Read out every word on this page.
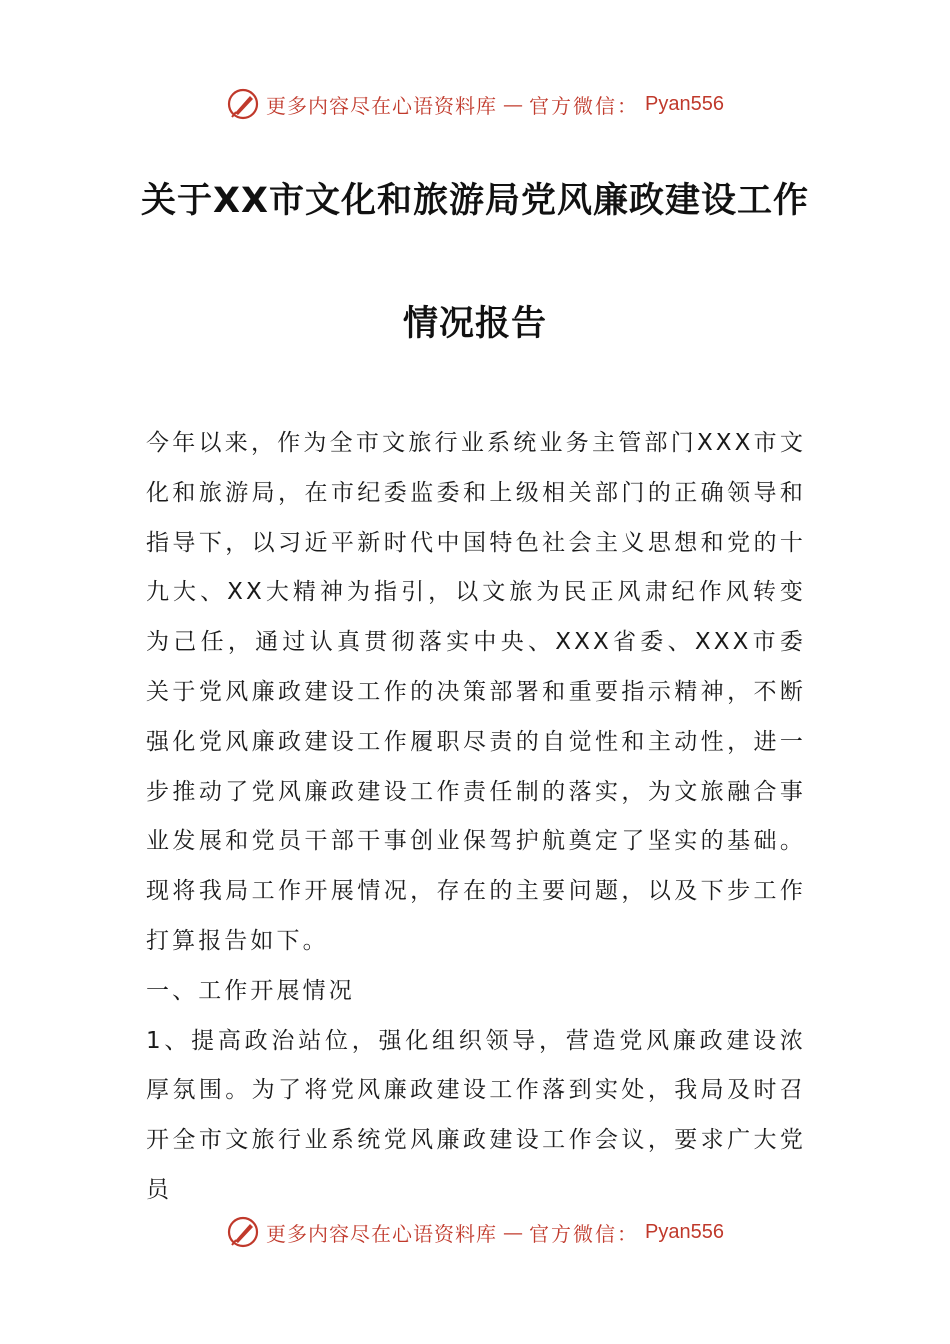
更多内容尽在心语资料库 — 官方微信： Pyan556
关于XX市文化和旅游局党风廉政建设工作
情况报告

今年以来，作为全市文旅行业系统业务主管部门XXX市文化和旅游局，在市纪委监委和上级相关部门的正确领导和指导下，以习近平新时代中国特色社会主义思想和党的十九大、XX大精神为指引，以文旅为民正风肃纪作风转变为己任，通过认真贯彻落实中央、XXX省委、XXX市委关于党风廉政建设工作的决策部署和重要指示精神，不断强化党风廉政建设工作履职尽责的自觉性和主动性，进一步推动了党风廉政建设工作责任制的落实，为文旅融合事业发展和党员干部干事创业保驾护航奠定了坚实的基础。现将我局工作开展情况，存在的主要问题，以及下步工作打算报告如下。

一、工作开展情况

1、提高政治站位，强化组织领导，营造党风廉政建设浓厚氛围。为了将党风廉政建设工作落到实处，我局及时召开全市文旅行业系统党风廉政建设工作会议，要求广大党员

更多内容尽在心语资料库 — 官方微信： Pyan556
